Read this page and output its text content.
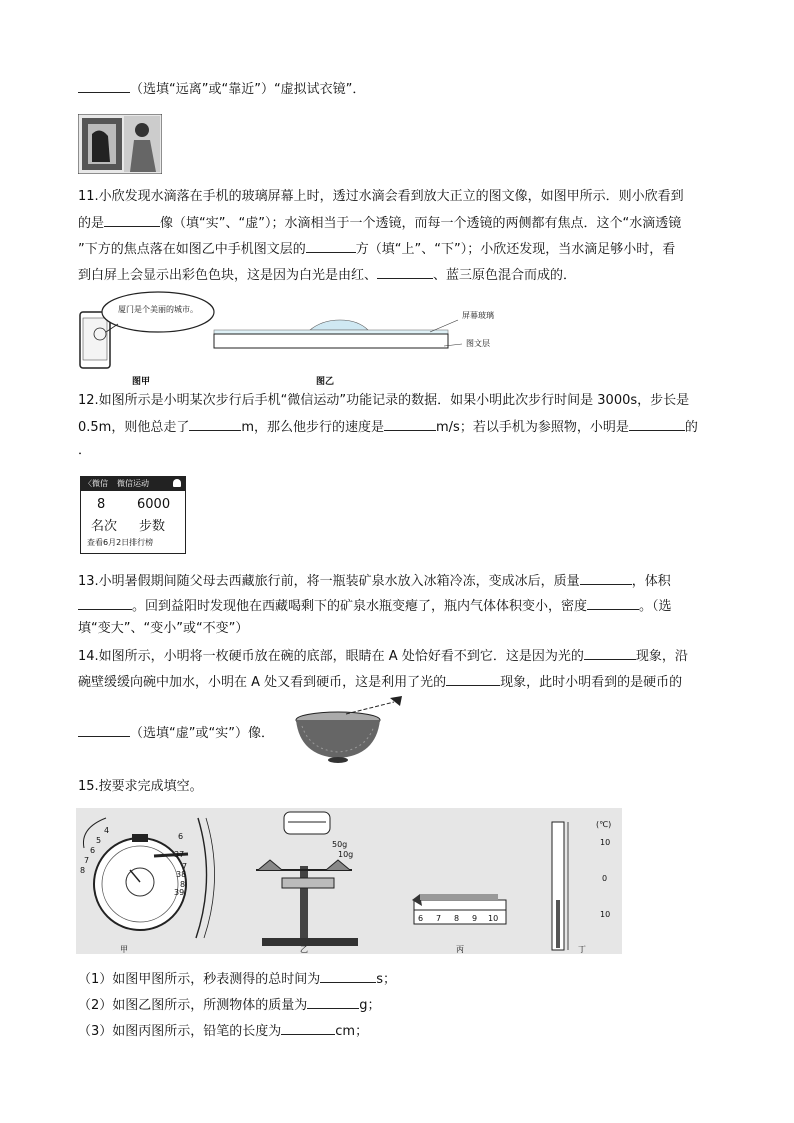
（选填“远离”或“靠近”）“虚拟试衣镜”．
11.小欣发现水滴落在手机的玻璃屏幕上时，透过水滴会看到放大正立的图文像，如图甲所示．则小欣看到
的是	像（填“实”、“虚”）；水滴相当于一个透镜，而每一个透镜的两侧都有焦点．这个“水滴透镜
”下方的焦点落在如图乙中手机图文层的	方（填“上”、“下”）；小欣还发现，当水滴足够小时，看
到白屏上会显示出彩色色块，这是因为白光是由红、	、蓝三原色混合而成的．
厦门是个美丽的城市。
图甲
屏幕玻璃
图文层
图乙
12.如图所示是小明某次步行后手机“微信运动”功能记录的数据．如果小明此次步行时间是 3000s，步长是
0.5m，则他总走了	m，那么他步行的速度是	m/s；若以手机为参照物，小明是	的
．
〈微信 微信运动
8 6000
名次 步数
查看6月2日排行榜
13.小明暑假期间随父母去西藏旅行前，将一瓶装矿泉水放入冰箱冷冻，变成冰后，质量	，体积
。回到益阳时发现他在西藏喝剩下的矿泉水瓶变瘪了，瓶内气体体积变小，密度	。（选
填“变大”、“变小”或“不变”）
14.如图所示，小明将一枚硬币放在碗的底部，眼睛在 A 处恰好看不到它．这是因为光的	现象，沿
碗壁缓缓向碗中加水，小明在 A 处又看到硬币，这是利用了光的	现象，此时小明看到的是硬币的
（选填“虚”或“实”）像．
15.按要求完成填空。
4
5
6
7
8
6
37
7
38
8
39
50g
10g
6 7 8 9 10
(℃)
10
0
10
甲	乙	丙	丁
（1）如图甲图所示，秒表测得的总时间为	s；
（2）如图乙图所示，所测物体的质量为	g；
（3）如图丙图所示，铅笔的长度为	cm；
